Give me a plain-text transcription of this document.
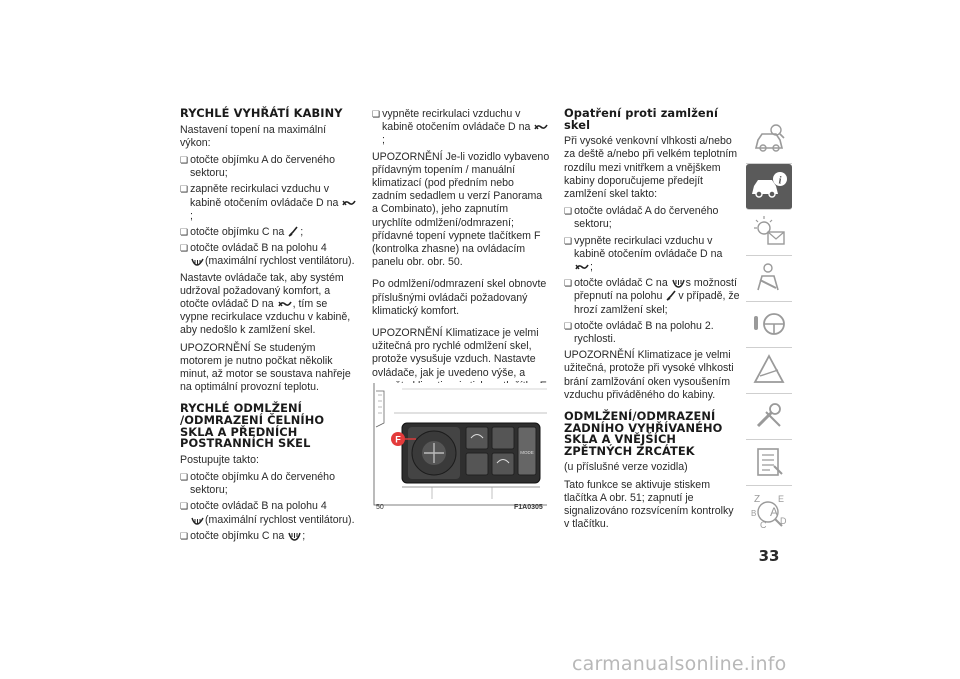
RYCHLÉ VYHŘÁTÍ KABINY

Nastavení topení na maximální výkon:

❏ otočte objímku A do červeného sektoru;
❏ zapněte recirkulaci vzduchu v kabině otočením ovládače D na
;
❏ otočte objímku C na ;
❏ otočte ovládač B na polohu 4

(maximální rychlost ventilátoru).

Nastavte ovládače tak, aby systém udržoval požadovaný komfort, a otočte ovládač D na , tím se vypne recirkulace vzduchu v kabině, aby nedošlo k zamlžení skel.

UPOZORNĚNÍ Se studeným motorem je nutno počkat několik minut, až motor se soustava nahřeje na optimální provozní teplotu.

RYCHLÉ ODMLŽENÍ /ODMRAZENÍ ČELNÍHO SKLA A PŘEDNÍCH POSTRANNÍCH SKEL

Postupujte takto:

❏ otočte objímku A do červeného sektoru;
❏ otočte ovládač B na polohu 4

(maximální rychlost ventilátoru).
❏ otočte objímku C na ;
❏ vypněte recirkulaci vzduchu v kabině otočením ovládače D na
;

UPOZORNĚNÍ Je-li vozidlo vybaveno přídavným topením / manuální klimatizací (pod předním nebo zadním sedadlem u verzí Panorama a Combinato), jeho zapnutím urychlíte odmlžení/odmrazení; přídavné topení vypnete tlačítkem F (kontrolka zhasne) na ovládacím panelu obr. obr. 50.

Po odmlžení/odmrazení skel obnovte příslušnými ovládači požadovaný klimatický komfort.

UPOZORNĚNÍ Klimatizace je velmi užitečná pro rychlé odmlžení skel, protože vysušuje vzduch. Nastavte ovládače, jak je uvedeno výše, a

F
MODE
50	F1A0305
Opatření proti zamlžení skel

Při vysoké venkovní vlhkosti a/nebo za deště a/nebo při velkém teplotním rozdílu mezi vnitřkem a vnějškem kabiny doporučujeme předejít zamlžení skel takto:

❏ otočte ovládač A do červeného sektoru;
❏ vypněte recirkulaci vzduchu v kabině otočením ovládače D na
;
❏ otočte ovládač C na s možností přepnutí na polohu v případě, že hrozí zamlžení skel;
❏ otočte ovládač B na polohu 2. rychlosti.

UPOZORNĚNÍ Klimatizace je velmi užitečná, protože při vysoké vlhkosti brání zamlžování oken vysoušením vzduchu přiváděného do kabiny.

ODMLŽENÍ/ODMRAZENÍ ZADNÍHO VYHŘÍVANÉHO SKLA A VNĚJŠÍCH ZPĚTNÝCH ZRCÁTEK

(u příslušné verze vozidla)

Tato funkce se aktivuje stiskem tlačítka A obr. 51; zapnutí je signalizováno rozsvícením kontrolky v tlačítku.

i
Z E
B A
C D
33
carmanualsonline.info
